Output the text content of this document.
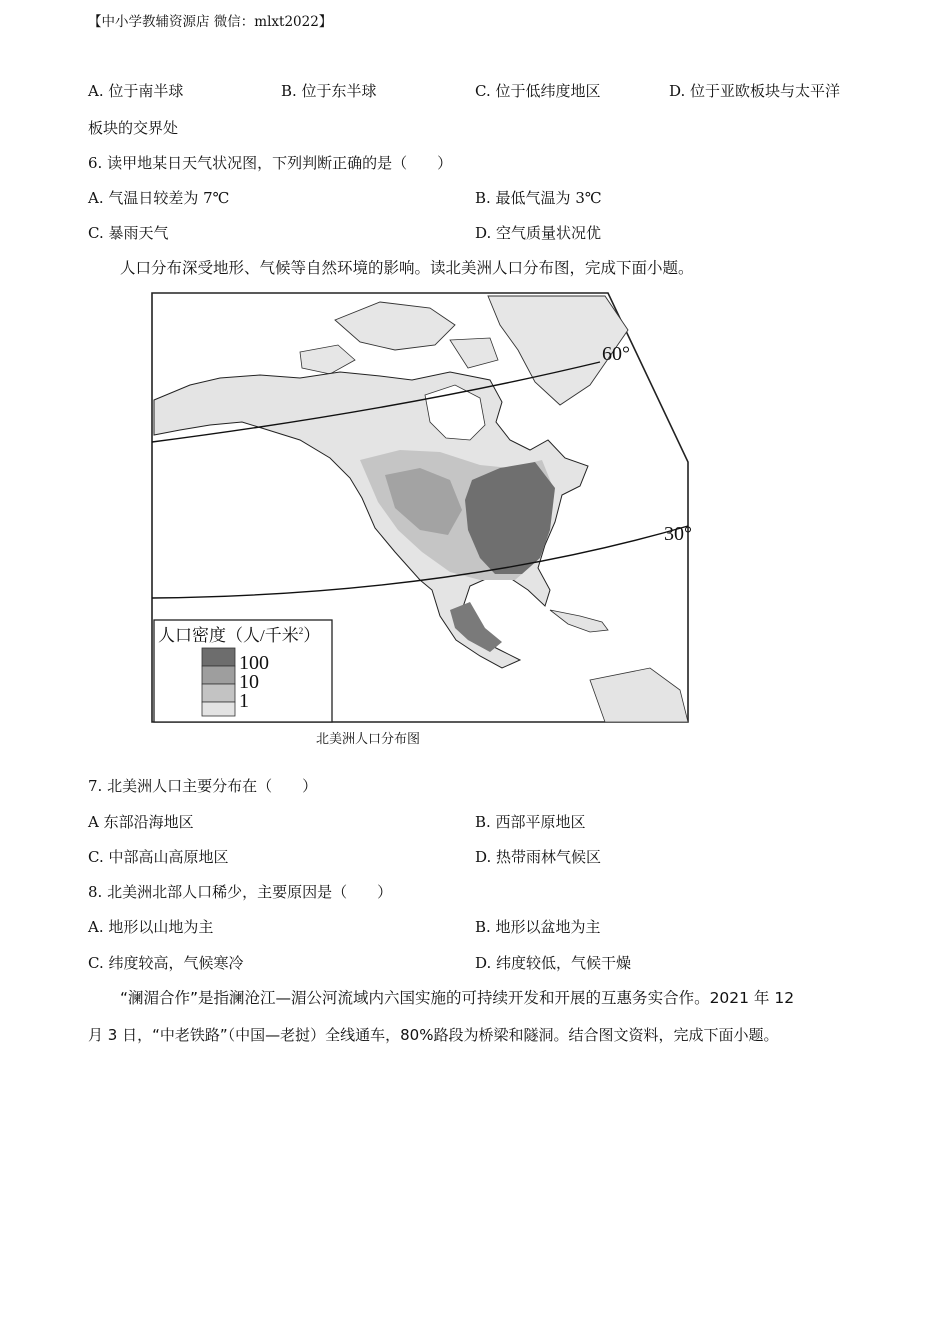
【中小学教辅资源店 微信：mlxt2022】
A. 位于南半球	B. 位于东半球	C. 位于低纬度地区	D. 位于亚欧板块与太平洋
板块的交界处
6. 读甲地某日天气状况图，下列判断正确的是（　　）
A. 气温日较差为 7℃	B. 最低气温为 3℃
C. 暴雨天气	D. 空气质量状况优
人口分布深受地形、气候等自然环境的影响。读北美洲人口分布图，完成下面小题。
60°
30°
人口密度（人/千米$^2$）
100
10
1
北美洲人口分布图
7. 北美洲人口主要分布在（　　）
A 东部沿海地区	B. 西部平原地区
C. 中部高山高原地区	D. 热带雨林气候区
8. 北美洲北部人口稀少，主要原因是（　　）
A. 地形以山地为主	B. 地形以盆地为主
C. 纬度较高，气候寒冷	D. 纬度较低，气候干燥
“澜湄合作”是指澜沧江—湄公河流域内六国实施的可持续开发和开展的互惠务实合作。2021 年 12
月 3 日，“中老铁路”（中国—老挝）全线通车，80%路段为桥梁和隧洞。结合图文资料，完成下面小题。
